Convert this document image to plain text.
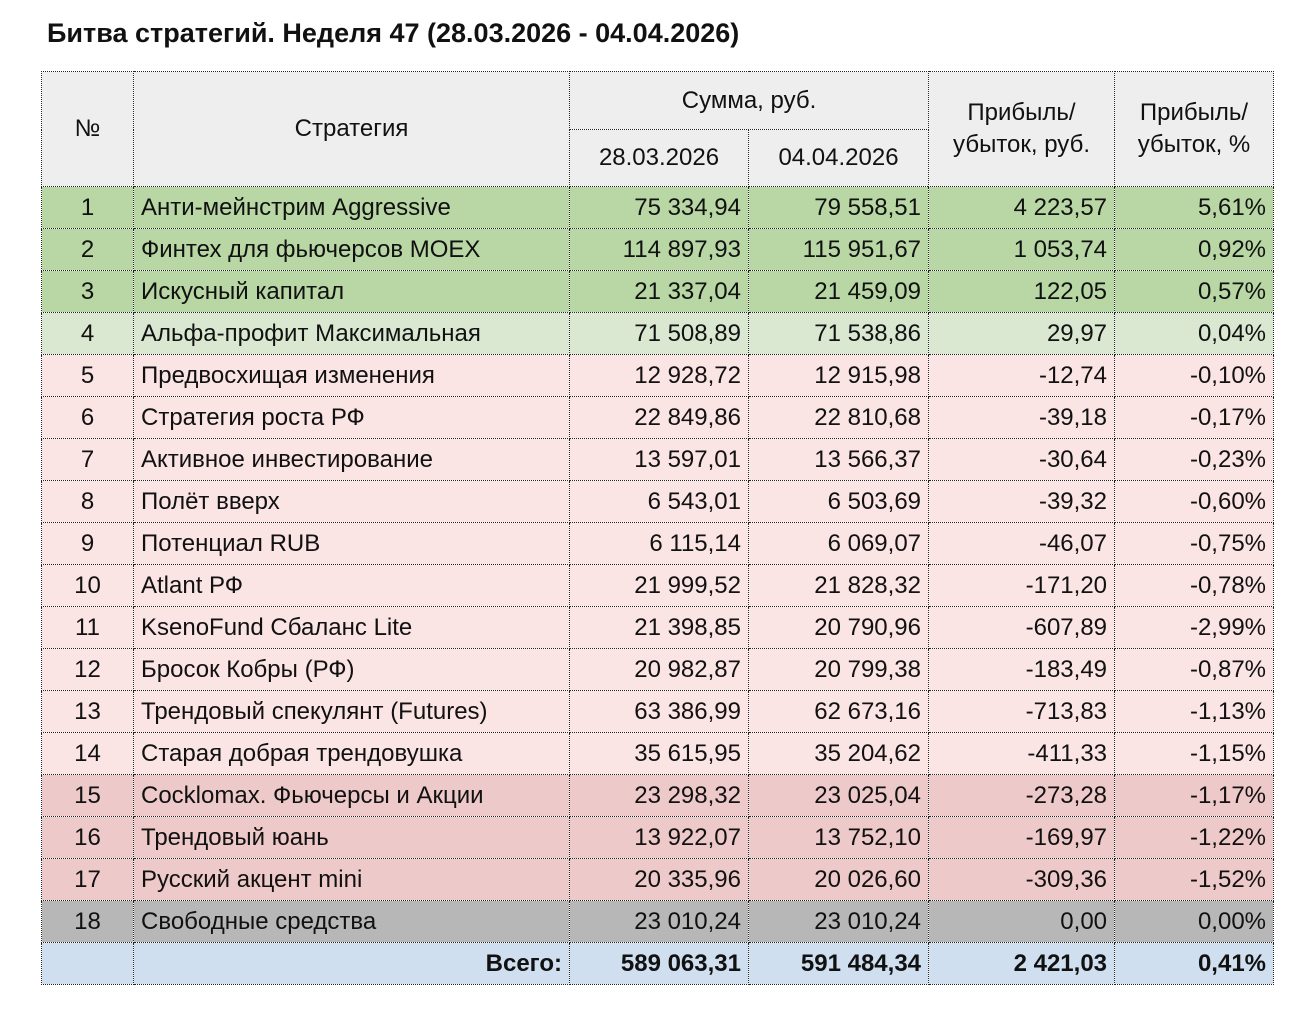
Битва стратегий. Неделя 47 (28.03.2026 - 04.04.2026)
№	Стратегия	Сумма, руб.		Прибыль/ убыток, руб.	Прибыль/ убыток, %
		28.03.2026	04.04.2026		
1	Анти-мейнстрим Aggressive	75 334,94	79 558,51	4 223,57	5,61%
2	Финтех для фьючерсов MOEX	114 897,93	115 951,67	1 053,74	0,92%
3	Искусный капитал	21 337,04	21 459,09	122,05	0,57%
4	Альфа-профит Максимальная	71 508,89	71 538,86	29,97	0,04%
5	Предвосхищая изменения	12 928,72	12 915,98	-12,74	-0,10%
6	Стратегия роста РФ	22 849,86	22 810,68	-39,18	-0,17%
7	Активное инвестирование	13 597,01	13 566,37	-30,64	-0,23%
8	Полёт вверх	6 543,01	6 503,69	-39,32	-0,60%
9	Потенциал RUB	6 115,14	6 069,07	-46,07	-0,75%
10	Atlant РФ	21 999,52	21 828,32	-171,20	-0,78%
11	KsenoFund Сбаланс Lite	21 398,85	20 790,96	-607,89	-2,99%
12	Бросок Кобры (РФ)	20 982,87	20 799,38	-183,49	-0,87%
13	Трендовый спекулянт (Futures)	63 386,99	62 673,16	-713,83	-1,13%
14	Старая добрая трендовушка	35 615,95	35 204,62	-411,33	-1,15%
15	Cocklomax. Фьючерсы и Акции	23 298,32	23 025,04	-273,28	-1,17%
16	Трендовый юань	13 922,07	13 752,10	-169,97	-1,22%
17	Русский акцент mini	20 335,96	20 026,60	-309,36	-1,52%
18	Свободные средства	23 010,24	23 010,24	0,00	0,00%
	Всего:	589 063,31	591 484,34	2 421,03	0,41%
